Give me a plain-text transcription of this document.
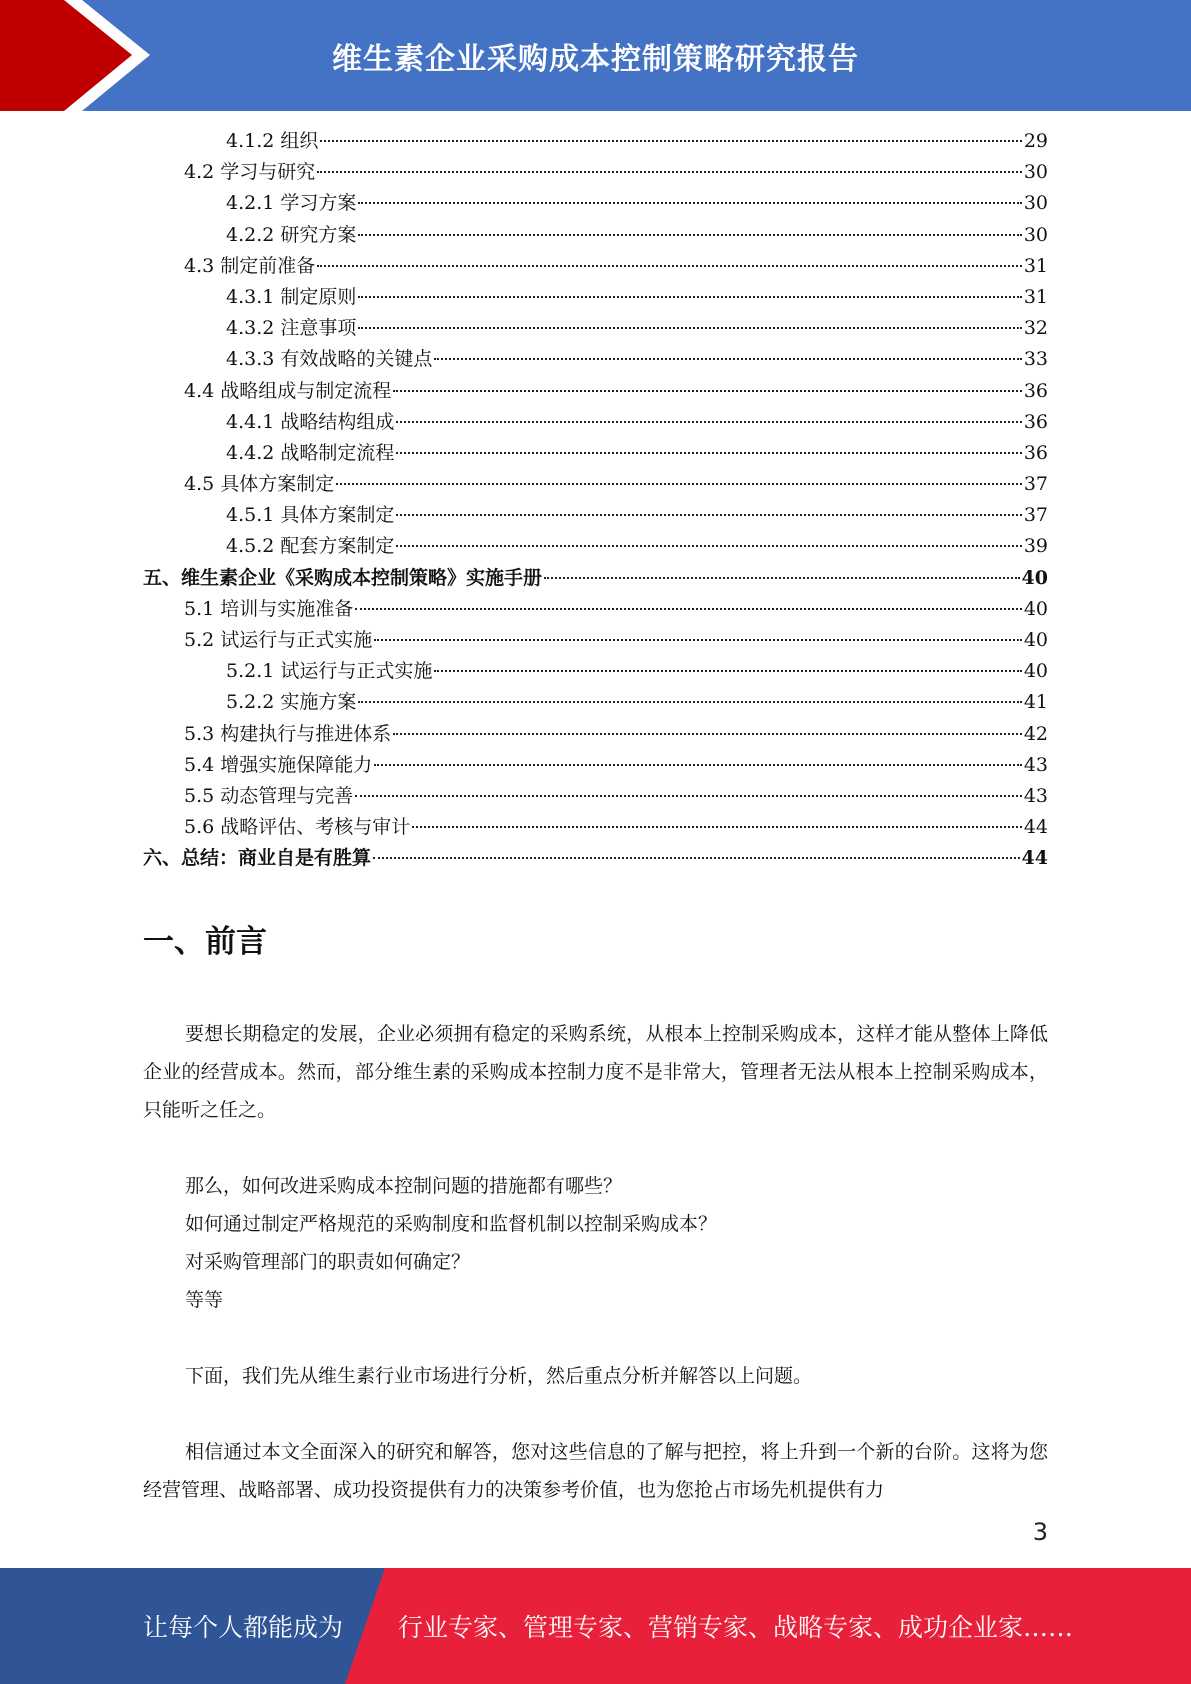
维生素企业采购成本控制策略研究报告
4.1.2 组织	29
4.2 学习与研究	30
4.2.1 学习方案	30
4.2.2 研究方案	30
4.3 制定前准备	31
4.3.1 制定原则	31
4.3.2 注意事项	32
4.3.3 有效战略的关键点	33
4.4 战略组成与制定流程	36
4.4.1 战略结构组成	36
4.4.2 战略制定流程	36
4.5 具体方案制定	37
4.5.1 具体方案制定	37
4.5.2 配套方案制定	39
五、维生素企业《采购成本控制策略》实施手册	40
5.1 培训与实施准备	40
5.2 试运行与正式实施	40
5.2.1 试运行与正式实施	40
5.2.2 实施方案	41
5.3 构建执行与推进体系	42
5.4 增强实施保障能力	43
5.5 动态管理与完善	43
5.6 战略评估、考核与审计	44
六、总结：商业自是有胜算	44
一、前言

要想长期稳定的发展，企业必须拥有稳定的采购系统，从根本上控制采购成本，这样才能从整体上降低企业的经营成本。然而，部分维生素的采购成本控制力度不是非常大，管理者无法从根本上控制采购成本，只能听之任之。

那么，如何改进采购成本控制问题的措施都有哪些？

如何通过制定严格规范的采购制度和监督机制以控制采购成本？

对采购管理部门的职责如何确定？

等等

下面，我们先从维生素行业市场进行分析，然后重点分析并解答以上问题。

相信通过本文全面深入的研究和解答，您对这些信息的了解与把控，将上升到一个新的台阶。这将为您经营管理、战略部署、成功投资提供有力的决策参考价值，也为您抢占市场先机提供有力

3
让每个人都能成为 行业专家、管理专家、营销专家、战略专家、成功企业家……
